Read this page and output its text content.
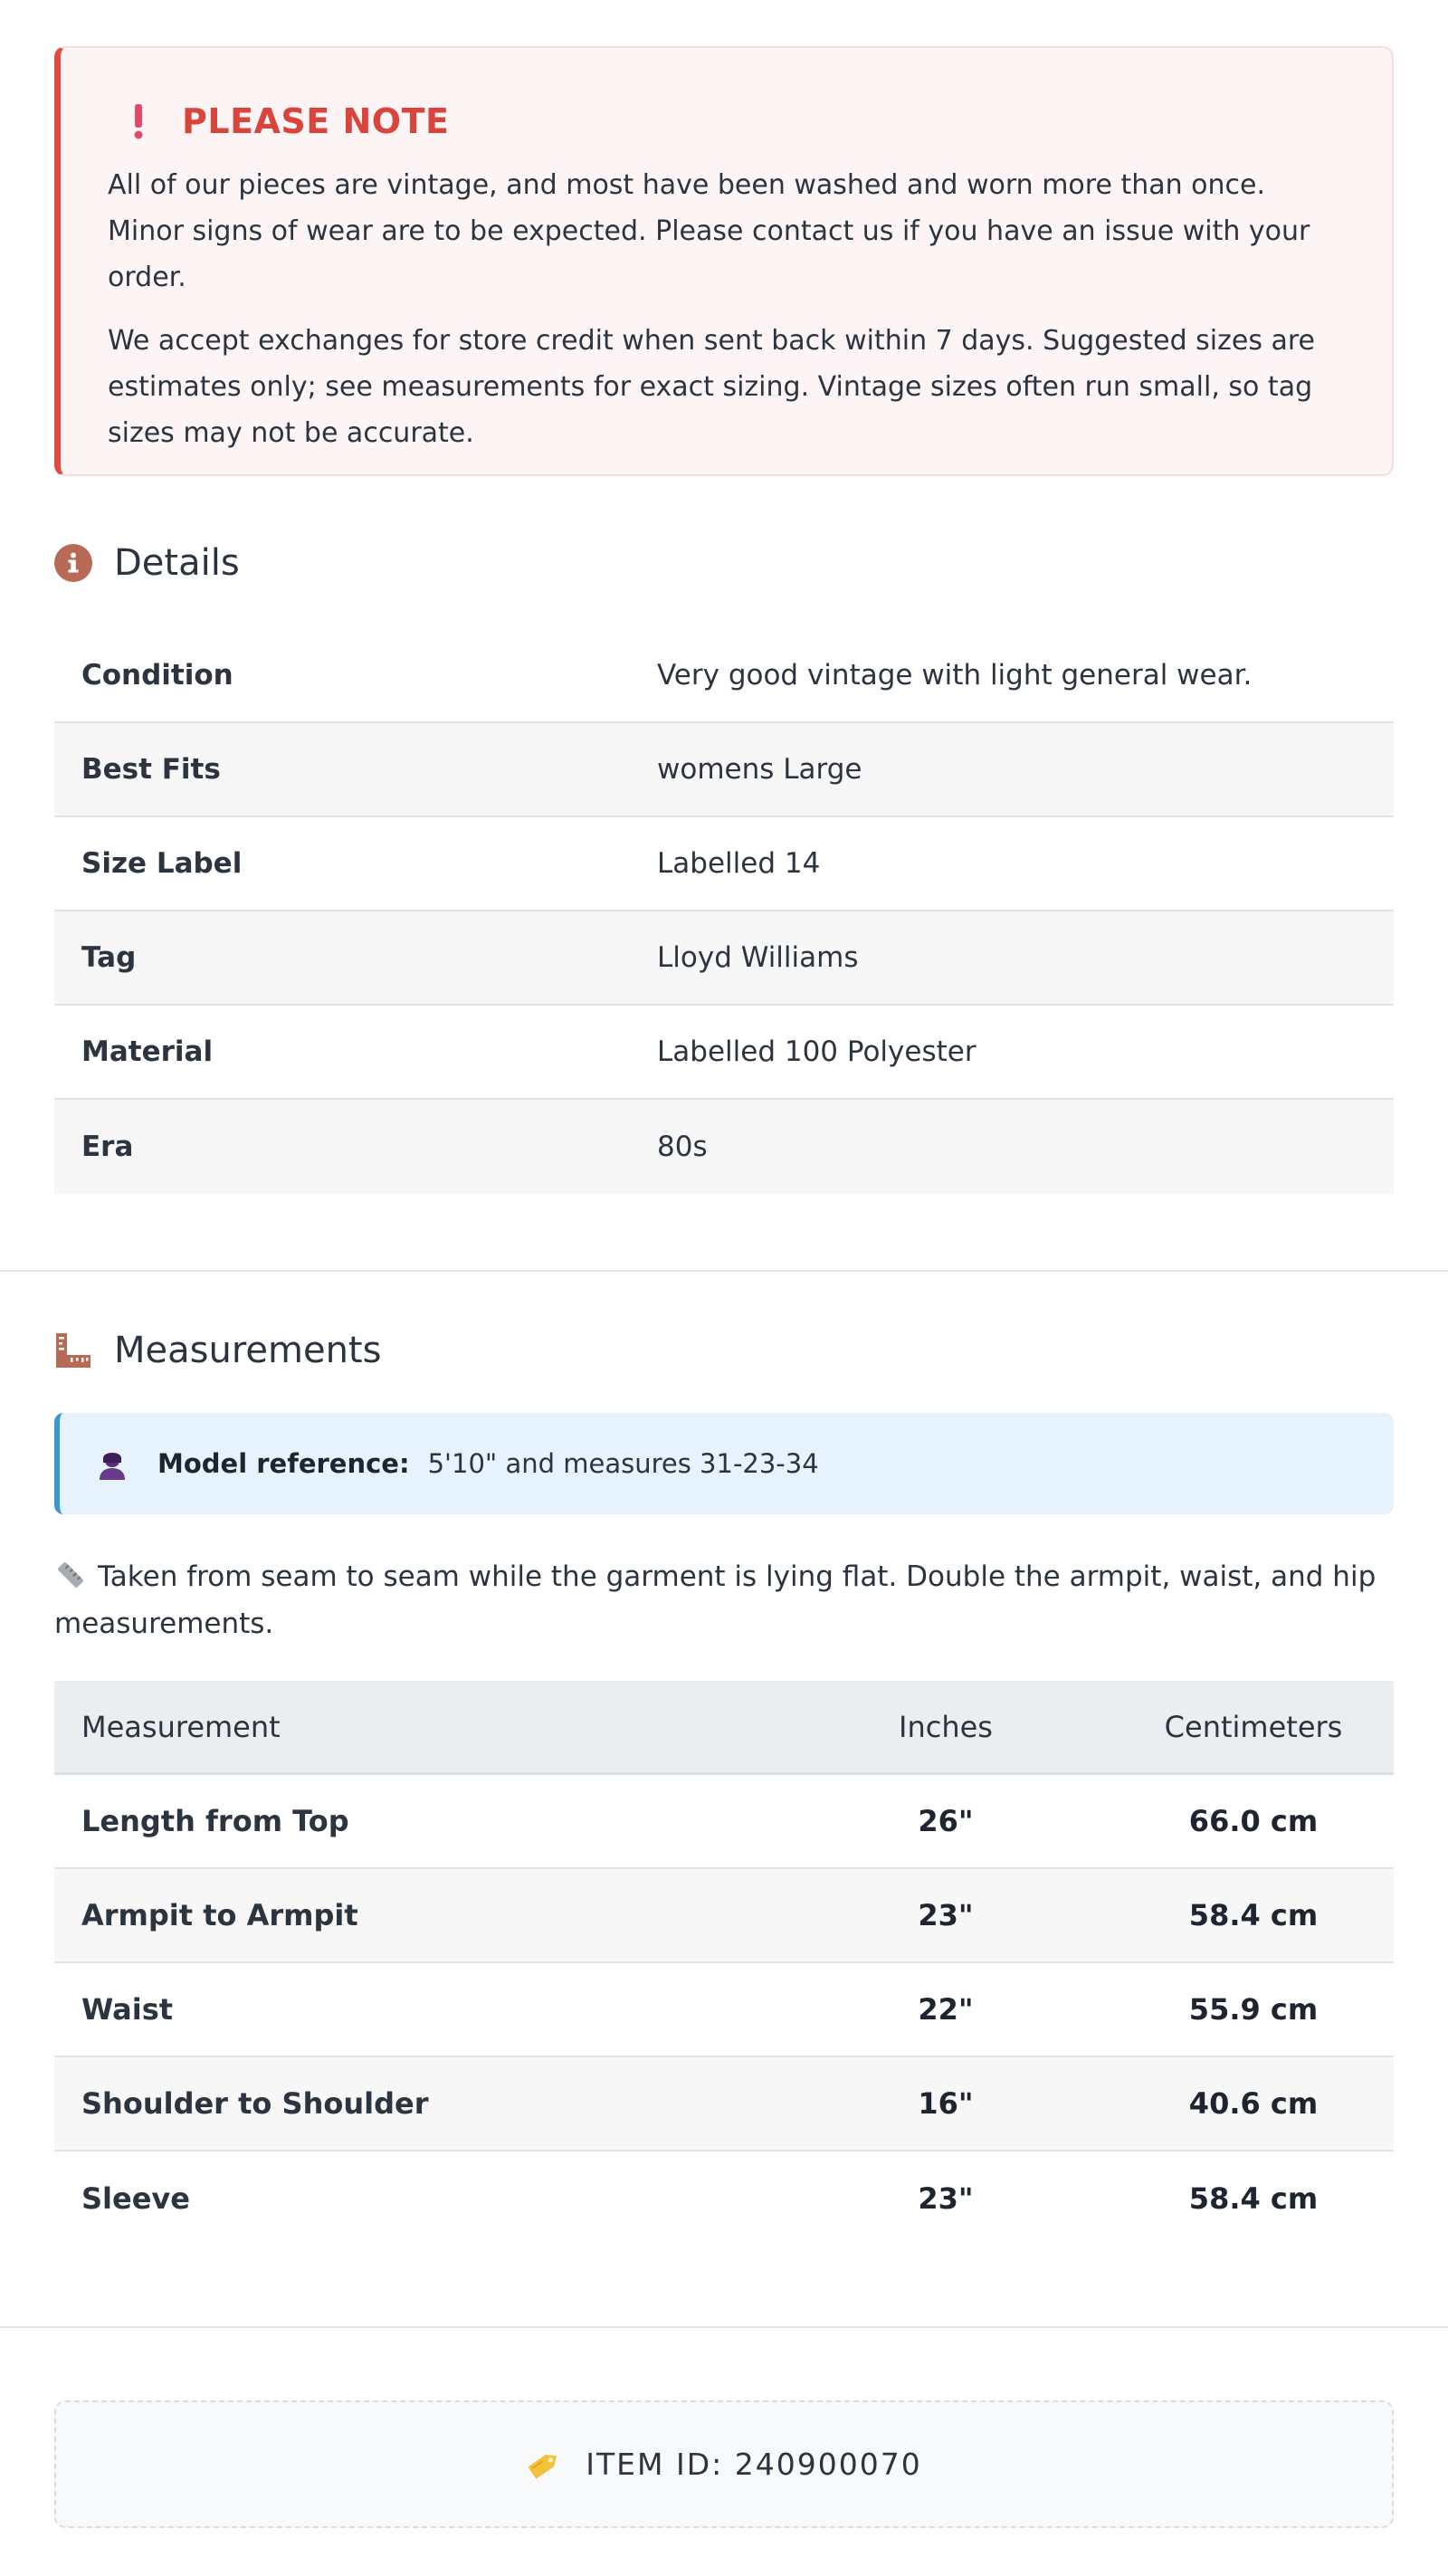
PLEASE NOTE

All of our pieces are vintage, and most have been washed and worn more than once. Minor signs of wear are to be expected. Please contact us if you have an issue with your order.

We accept exchanges for store credit when sent back within 7 days. Suggested sizes are estimates only; see measurements for exact sizing. Vintage sizes often run small, so tag sizes may not be accurate.

Details
Condition	Very good vintage with light general wear.
Best Fits	womens Large
Size Label	Labelled 14
Tag	Lloyd Williams
Material	Labelled 100 Polyester
Era	80s
Measurements
Model reference: 5'10" and measures 31-23-34
Taken from seam to seam while the garment is lying flat. Double the armpit, waist, and hip measurements.
Measurement	Inches	Centimeters
Length from Top	26"	66.0 cm
Armpit to Armpit	23"	58.4 cm
Waist	22"	55.9 cm
Shoulder to Shoulder	16"	40.6 cm
Sleeve	23"	58.4 cm
ITEM ID: 240900070
